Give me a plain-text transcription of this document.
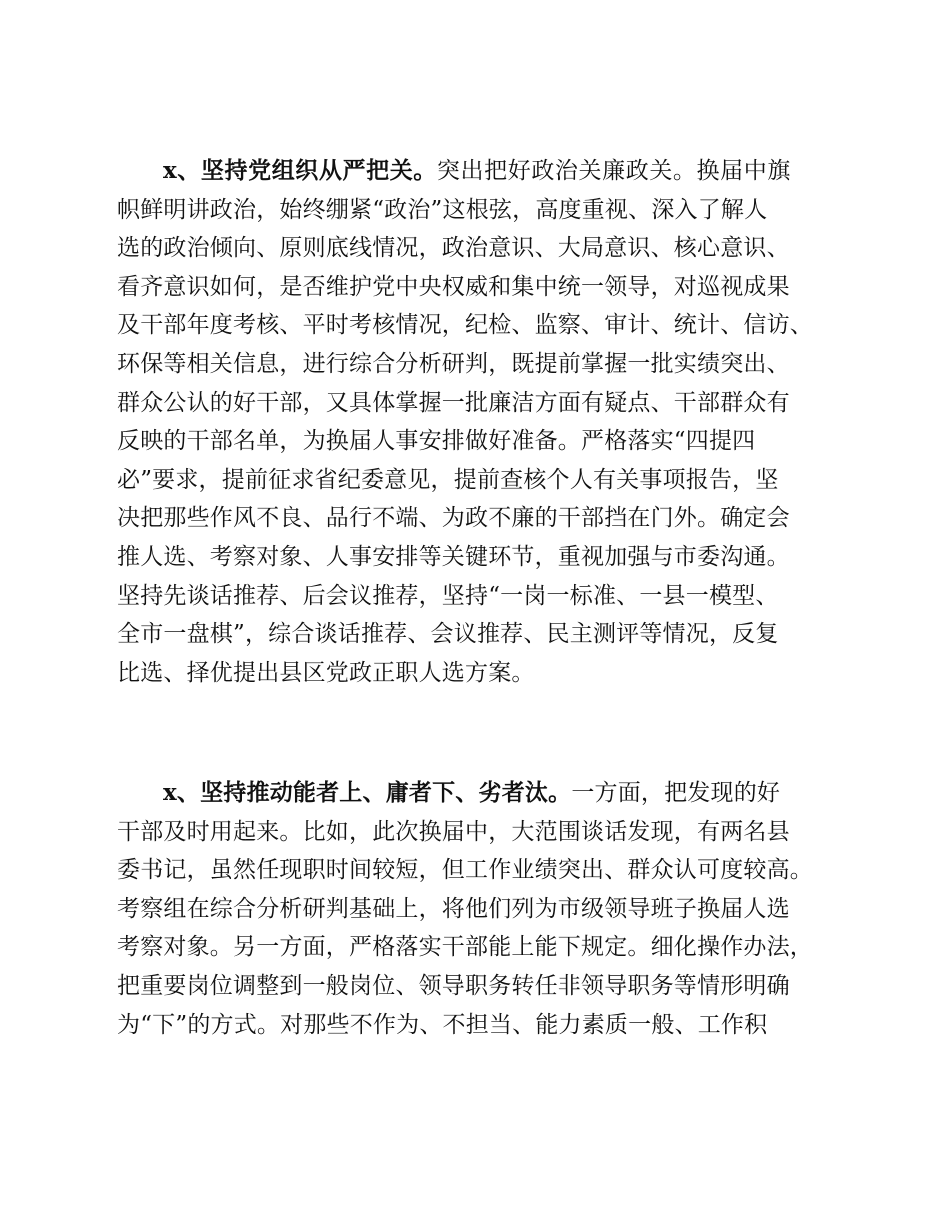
x、坚持党组织从严把关。突出把好政治关廉政关。换届中旗
帜鲜明讲政治，始终绷紧“政治”这根弦，高度重视、深入了解人
选的政治倾向、原则底线情况，政治意识、大局意识、核心意识、
看齐意识如何，是否维护党中央权威和集中统一领导，对巡视成果
及干部年度考核、平时考核情况，纪检、监察、审计、统计、信访、
环保等相关信息，进行综合分析研判，既提前掌握一批实绩突出、
群众公认的好干部，又具体掌握一批廉洁方面有疑点、干部群众有
反映的干部名单，为换届人事安排做好准备。严格落实“四提四
必”要求，提前征求省纪委意见，提前查核个人有关事项报告，坚
决把那些作风不良、品行不端、为政不廉的干部挡在门外。确定会
推人选、考察对象、人事安排等关键环节，重视加强与市委沟通。
坚持先谈话推荐、后会议推荐，坚持“一岗一标准、一县一模型、
全市一盘棋”，综合谈话推荐、会议推荐、民主测评等情况，反复
比选、择优提出县区党政正职人选方案。
x、坚持推动能者上、庸者下、劣者汰。一方面，把发现的好
干部及时用起来。比如，此次换届中，大范围谈话发现，有两名县
委书记，虽然任现职时间较短，但工作业绩突出、群众认可度较高。
考察组在综合分析研判基础上，将他们列为市级领导班子换届人选
考察对象。另一方面，严格落实干部能上能下规定。细化操作办法，
把重要岗位调整到一般岗位、领导职务转任非领导职务等情形明确
为“下”的方式。对那些不作为、不担当、能力素质一般、工作积
